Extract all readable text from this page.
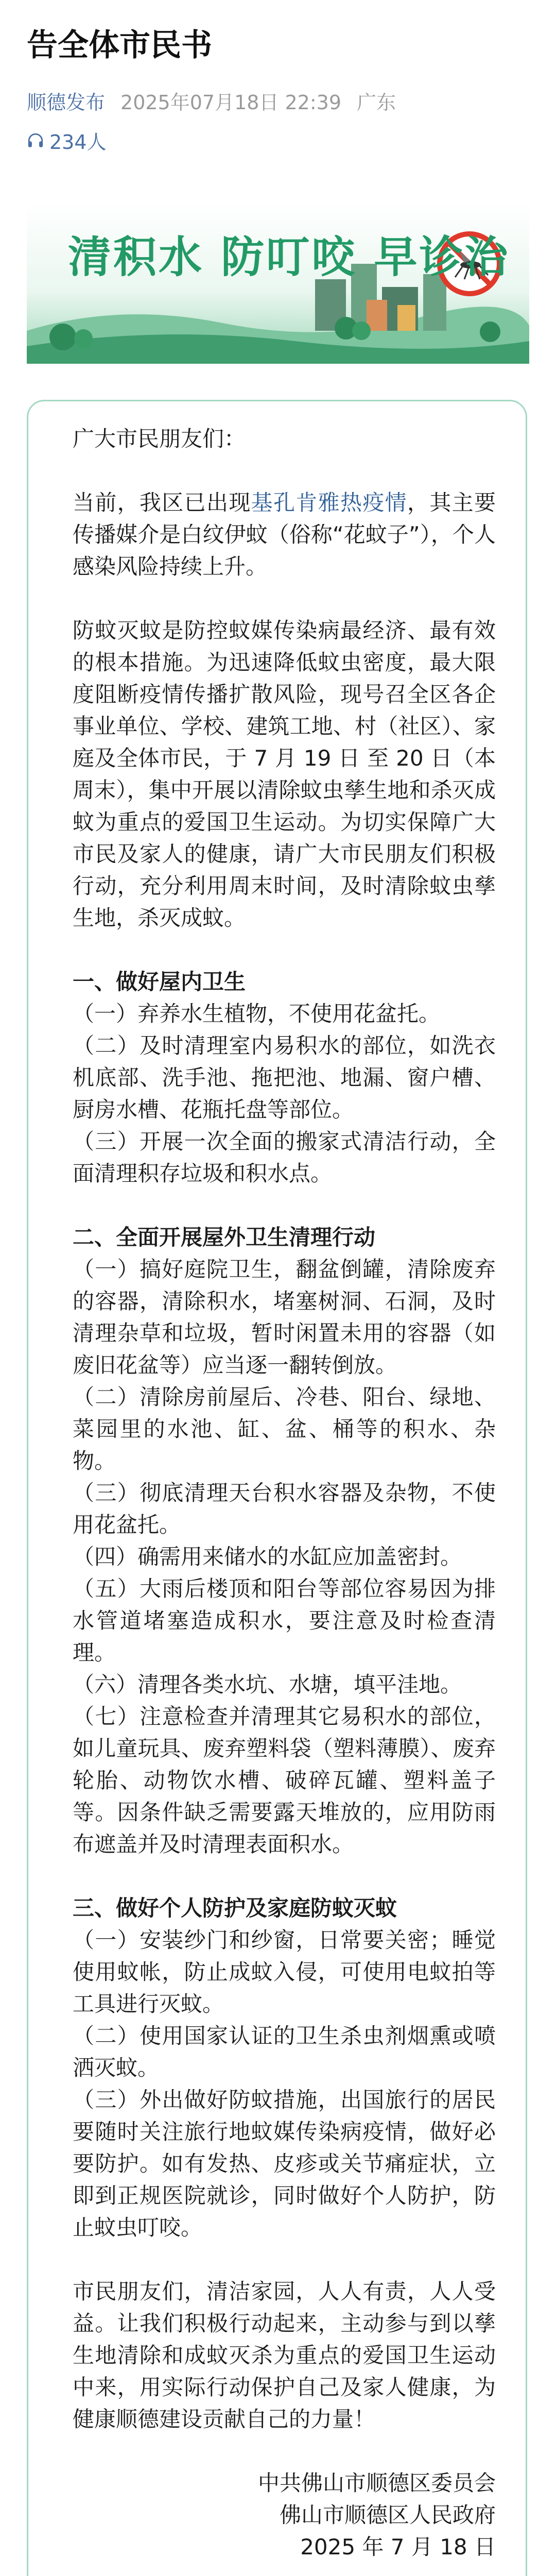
告全体市民书
顺德发布 2025年07月18日 22:39 广东
234人
清积水 防叮咬 早诊治

广大市民朋友们：

当前，我区已出现基孔肯雅热疫情，其主要传播媒介是白纹伊蚊（俗称“花蚊子”），个人感染风险持续上升。

防蚊灭蚊是防控蚊媒传染病最经济、最有效的根本措施。为迅速降低蚊虫密度，最大限度阻断疫情传播扩散风险，现号召全区各企事业单位、学校、建筑工地、村（社区）、家庭及全体市民，于 7 月 19 日 至 20 日（本周末），集中开展以清除蚊虫孳生地和杀灭成蚊为重点的爱国卫生运动。为切实保障广大市民及家人的健康，请广大市民朋友们积极行动，充分利用周末时间，及时清除蚊虫孳生地，杀灭成蚊。

一、做好屋内卫生

（一）弃养水生植物，不使用花盆托。

（二）及时清理室内易积水的部位，如洗衣机底部、洗手池、拖把池、地漏、窗户槽、厨房水槽、花瓶托盘等部位。

（三）开展一次全面的搬家式清洁行动，全面清理积存垃圾和积水点。

二、全面开展屋外卫生清理行动

（一）搞好庭院卫生，翻盆倒罐，清除废弃的容器，清除积水，堵塞树洞、石洞，及时清理杂草和垃圾，暂时闲置未用的容器（如废旧花盆等）应当逐一翻转倒放。

（二）清除房前屋后、冷巷、阳台、绿地、菜园里的水池、缸、盆、桶等的积水、杂物。

（三）彻底清理天台积水容器及杂物，不使用花盆托。

（四）确需用来储水的水缸应加盖密封。

（五）大雨后楼顶和阳台等部位容易因为排水管道堵塞造成积水，要注意及时检查清理。

（六）清理各类水坑、水塘，填平洼地。

（七）注意检查并清理其它易积水的部位，如儿童玩具、废弃塑料袋（塑料薄膜）、废弃轮胎、动物饮水槽、破碎瓦罐、塑料盖子等。因条件缺乏需要露天堆放的，应用防雨布遮盖并及时清理表面积水。

三、做好个人防护及家庭防蚊灭蚊

（一）安装纱门和纱窗，日常要关密；睡觉使用蚊帐，防止成蚊入侵，可使用电蚊拍等工具进行灭蚊。

（二）使用国家认证的卫生杀虫剂烟熏或喷洒灭蚊。

（三）外出做好防蚊措施，出国旅行的居民要随时关注旅行地蚊媒传染病疫情，做好必要防护。如有发热、皮疹或关节痛症状，立即到正规医院就诊，同时做好个人防护，防止蚊虫叮咬。

市民朋友们，清洁家园，人人有责，人人受益。让我们积极行动起来，主动参与到以孳生地清除和成蚊灭杀为重点的爱国卫生运动中来，用实际行动保护自己及家人健康，为健康顺德建设贡献自己的力量！

中共佛山市顺德区委员会

佛山市顺德区人民政府

2025 年 7 月 18 日
